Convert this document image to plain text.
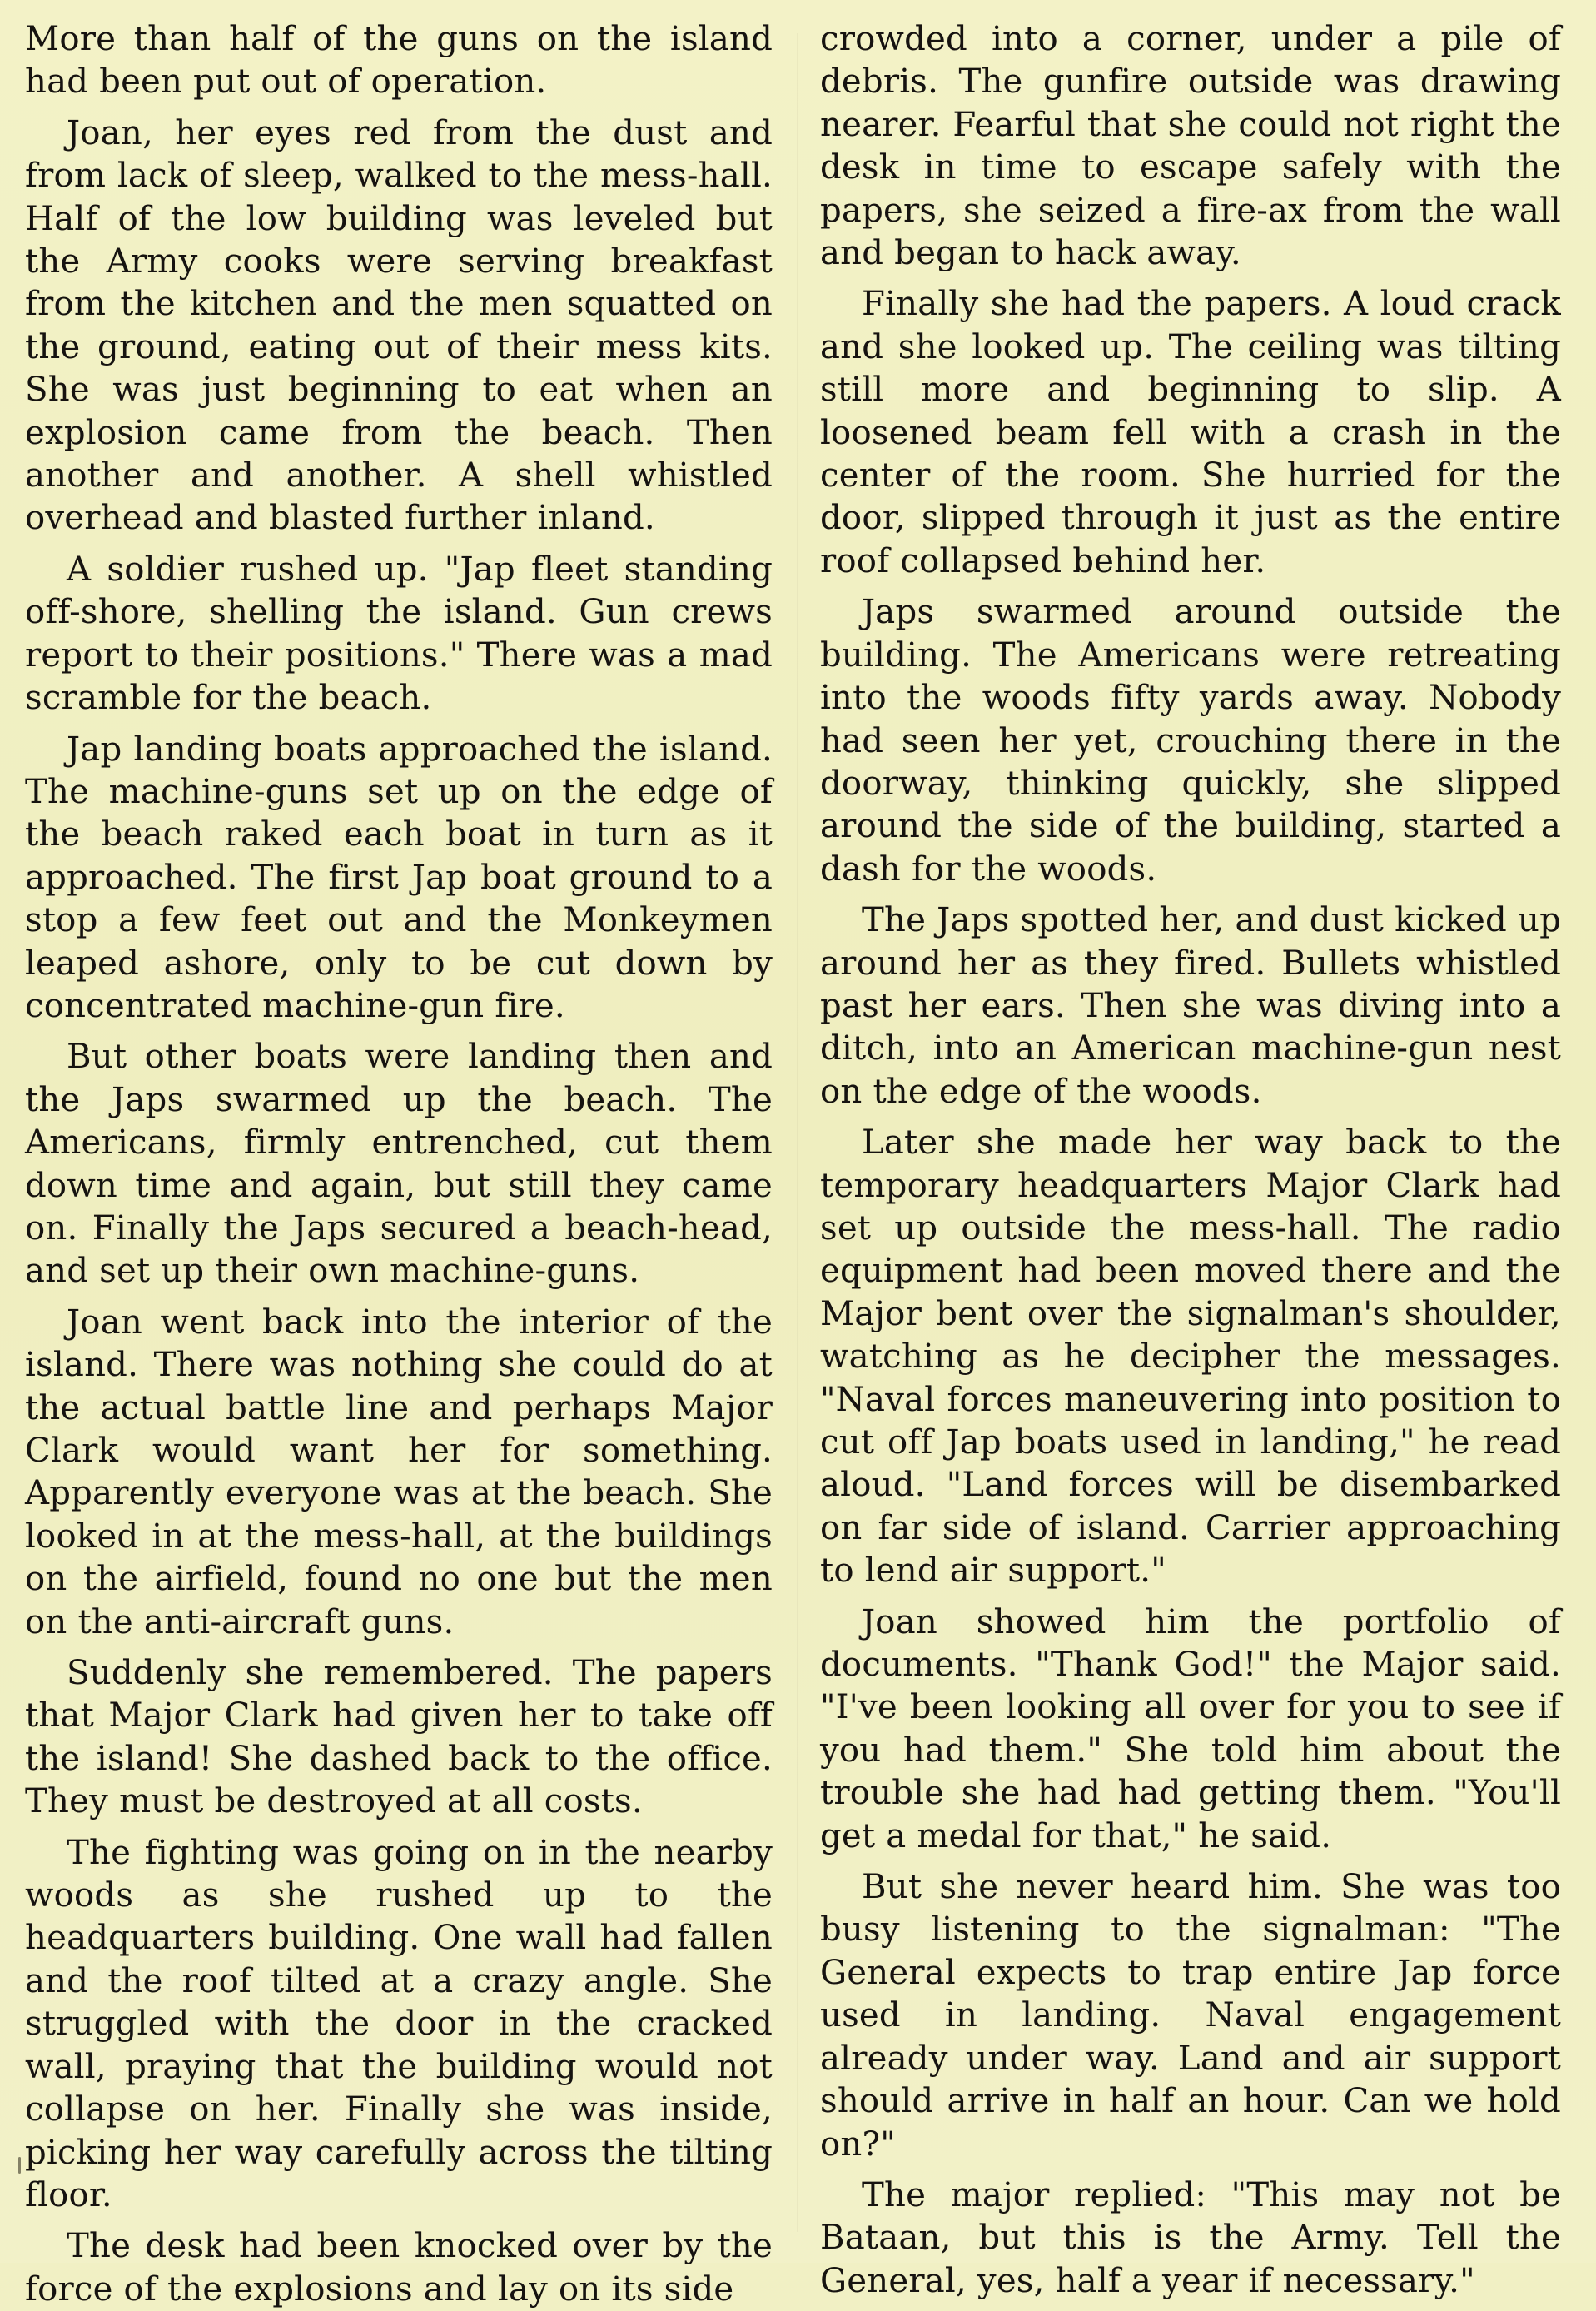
More than half of the guns on the island had been put out of operation.

Joan, her eyes red from the dust and from lack of sleep, walked to the mess-hall. Half of the low building was leveled but the Army cooks were serving breakfast from the kitchen and the men squatted on the ground, eating out of their mess kits. She was just beginning to eat when an explosion came from the beach. Then another and another. A shell whistled overhead and blasted further inland.

A soldier rushed up. "Jap fleet standing off-shore, shelling the island. Gun crews report to their positions." There was a mad scramble for the beach.

Jap landing boats approached the island. The machine-guns set up on the edge of the beach raked each boat in turn as it approached. The first Jap boat ground to a stop a few feet out and the Monkeymen leaped ashore, only to be cut down by concentrated machine-gun fire.

But other boats were landing then and the Japs swarmed up the beach. The Americans, firmly entrenched, cut them down time and again, but still they came on. Finally the Japs secured a beach-head, and set up their own machine-guns.

Joan went back into the interior of the island. There was nothing she could do at the actual battle line and perhaps Major Clark would want her for something. Apparently everyone was at the beach. She looked in at the mess-hall, at the buildings on the airfield, found no one but the men on the anti-aircraft guns.

Suddenly she remembered. The papers that Major Clark had given her to take off the island! She dashed back to the office. They must be destroyed at all costs.

The fighting was going on in the nearby woods as she rushed up to the headquarters building. One wall had fallen and the roof tilted at a crazy angle. She struggled with the door in the cracked wall, praying that the building would not collapse on her. Finally she was inside, picking her way carefully across the tilting floor.

The desk had been knocked over by the force of the explosions and lay on its side

crowded into a corner, under a pile of debris. The gunfire outside was drawing nearer. Fearful that she could not right the desk in time to escape safely with the papers, she seized a fire-ax from the wall and began to hack away.

Finally she had the papers. A loud crack and she looked up. The ceiling was tilting still more and beginning to slip. A loosened beam fell with a crash in the center of the room. She hurried for the door, slipped through it just as the entire roof collapsed behind her.

Japs swarmed around outside the building. The Americans were retreating into the woods fifty yards away. Nobody had seen her yet, crouching there in the doorway, thinking quickly, she slipped around the side of the building, started a dash for the woods.

The Japs spotted her, and dust kicked up around her as they fired. Bullets whistled past her ears. Then she was diving into a ditch, into an American machine-gun nest on the edge of the woods.

Later she made her way back to the temporary headquarters Major Clark had set up outside the mess-hall. The radio equipment had been moved there and the Major bent over the signalman's shoulder, watching as he decipher the messages. "Naval forces maneuvering into position to cut off Jap boats used in landing," he read aloud. "Land forces will be disembarked on far side of island. Carrier approaching to lend air support."

Joan showed him the portfolio of documents. "Thank God!" the Major said. "I've been looking all over for you to see if you had them." She told him about the trouble she had had getting them. "You'll get a medal for that," he said.

But she never heard him. She was too busy listening to the signalman: "The General expects to trap entire Jap force used in landing. Naval engagement already under way. Land and air support should arrive in half an hour. Can we hold on?"

The major replied: "This may not be Bataan, but this is the Army. Tell the General, yes, half a year if necessary."
